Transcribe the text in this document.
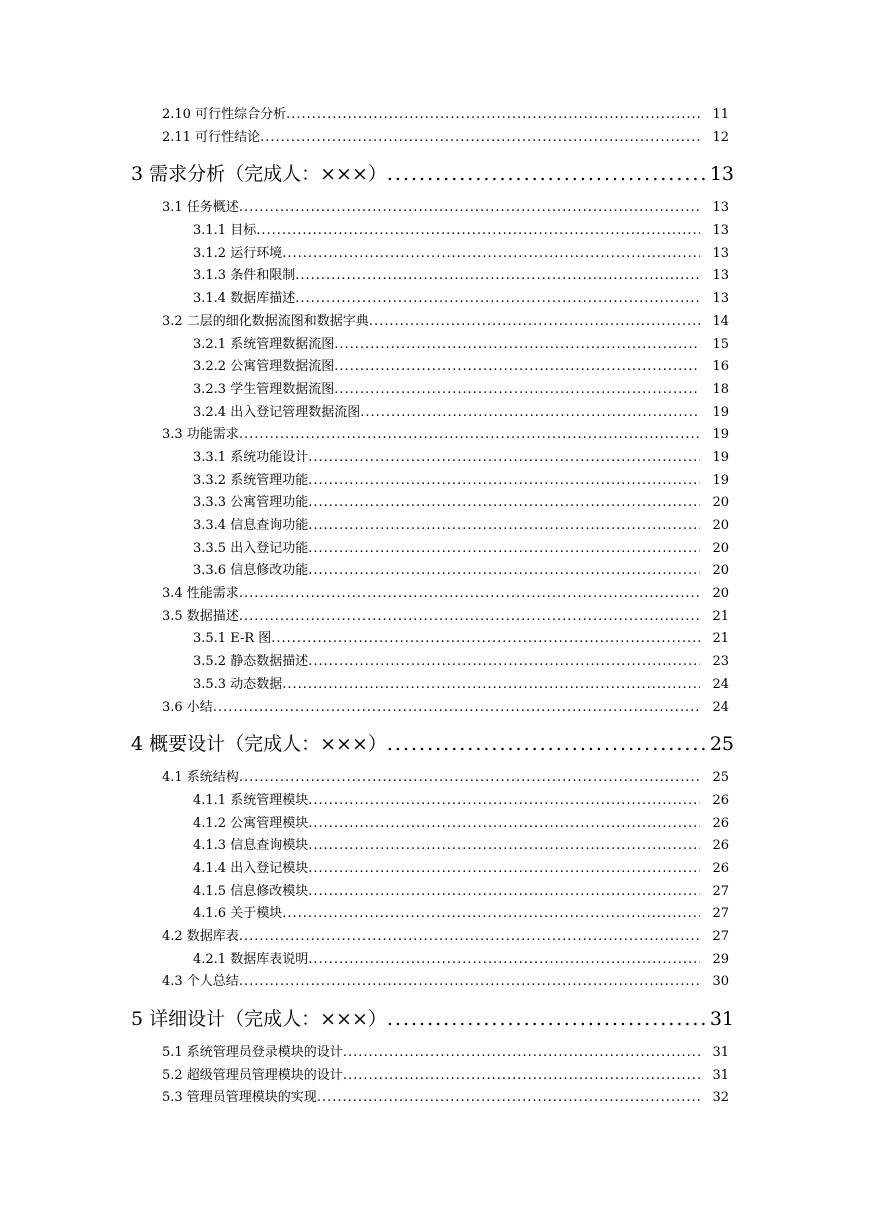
2.10 可行性综合分析 .....	11
2.11 可行性结论 .....	12
3 需求分析（完成人：×××） .....	13
3.1 任务概述 .....	13
3.1.1 目标 .....	13
3.1.2 运行环境 .....	13
3.1.3 条件和限制 .....	13
3.1.4 数据库描述 .....	13
3.2 二层的细化数据流图和数据字典 .....	14
3.2.1 系统管理数据流图 .....	15
3.2.2 公寓管理数据流图 .....	16
3.2.3 学生管理数据流图 .....	18
3.2.4 出入登记管理数据流图 .....	19
3.3 功能需求 .....	19
3.3.1 系统功能设计 .....	19
3.3.2 系统管理功能 .....	19
3.3.3 公寓管理功能 .....	20
3.3.4 信息查询功能 .....	20
3.3.5 出入登记功能 .....	20
3.3.6 信息修改功能 .....	20
3.4 性能需求 .....	20
3.5 数据描述 .....	21
3.5.1 E-R 图 .....	21
3.5.2 静态数据描述 .....	23
3.5.3 动态数据 .....	24
3.6 小结 .....	24
4 概要设计（完成人：×××） .....	25
4.1 系统结构 .....	25
4.1.1 系统管理模块 .....	26
4.1.2 公寓管理模块 .....	26
4.1.3 信息查询模块 .....	26
4.1.4 出入登记模块 .....	26
4.1.5 信息修改模块 .....	27
4.1.6 关于模块 .....	27
4.2 数据库表 .....	27
4.2.1 数据库表说明 .....	29
4.3 个人总结 .....	30
5 详细设计（完成人：×××） .....	31
5.1 系统管理员登录模块的设计 .....	31
5.2 超级管理员管理模块的设计 .....	31
5.3 管理员管理模块的实现 .....	32
